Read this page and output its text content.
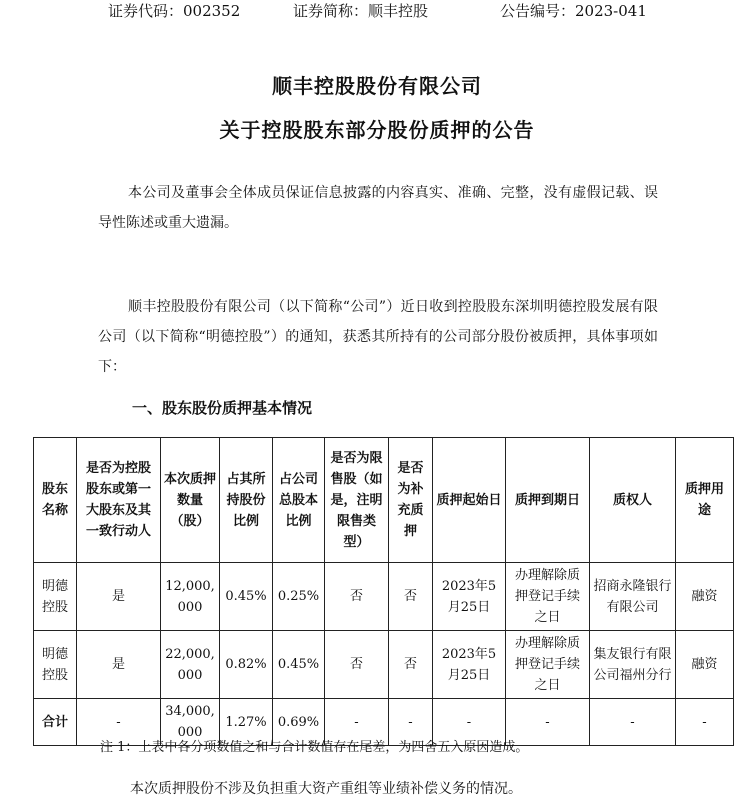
证券代码：002352	证券简称：顺丰控股	公告编号：2023-041
顺丰控股股份有限公司
关于控股股东部分股份质押的公告
本公司及董事会全体成员保证信息披露的内容真实、准确、完整，没有虚假记载、误导性陈述或重大遗漏。
顺丰控股股份有限公司（以下简称“公司”）近日收到控股股东深圳明德控股发展有限公司（以下简称“明德控股”）的通知，获悉其所持有的公司部分股份被质押，具体事项如下：
一、股东股份质押基本情况
股东名称	是否为控股股东或第一大股东及其一致行动人	本次质押数量（股）	占其所持股份比例	占公司总股本比例	是否为限售股（如是，注明限售类型）	是否为补充质押	质押起始日	质押到期日	质权人	质押用途
明德控股	是	12,000,000	0.45%	0.25%	否	否	2023年5月25日	办理解除质押登记手续之日	招商永隆银行有限公司	融资
明德控股	是	22,000,000	0.82%	0.45%	否	否	2023年5月25日	办理解除质押登记手续之日	集友银行有限公司福州分行	融资
合计	-	34,000,000	1.27%	0.69%	-	-	-	-	-	-
注 1：上表中各分项数值之和与合计数值存在尾差，为四舍五入原因造成。
本次质押股份不涉及负担重大资产重组等业绩补偿义务的情况。
